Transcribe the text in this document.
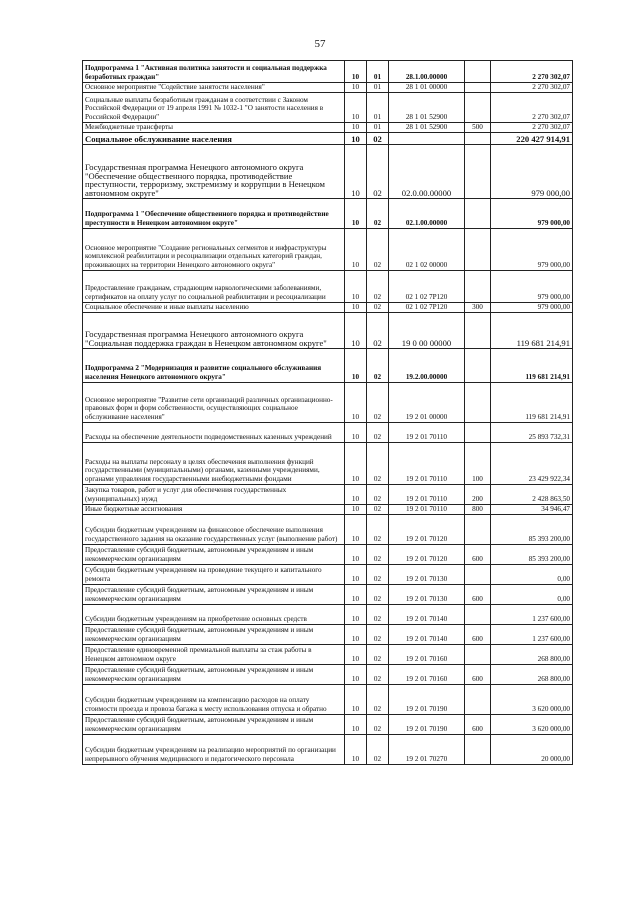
57
Подпрограмма 1 "Активная политика занятости и социальная поддержка безработных граждан"	10	01	28.1.00.00000		2 270 302,07
Основное мероприятие "Содействие занятости населения"	10	01	28 1 01 00000		2 270 302,07
Социальные выплаты безработным гражданам в соответствии с Законом Российской Федерации от 19 апреля 1991 № 1032-1 "О занятости населения в Российской Федерации"	10	01	28 1 01 52900		2 270 302,07
Межбюджетные трансферты	10	01	28 1 01 52900	500	2 270 302,07
Социальное обслуживание населения	10	02			220 427 914,91
Государственная программа Ненецкого автономного округа "Обеспечение общественного порядка, противодействие преступности, терроризму, экстремизму и коррупции в Ненецком автономном округе"	10	02	02.0.00.00000		979 000,00
Подпрограмма 1 "Обеспечение общественного порядка и противодействие преступности в Ненецком автономном округе"	10	02	02.1.00.00000		979 000,00
Основное мероприятие "Создание региональных сегментов и инфраструктуры комплексной реабилитации и ресоциализации отдельных категорий граждан, проживающих на территории Ненецкого автономного округа"	10	02	02 1 02 00000		979 000,00
Предоставление гражданам, страдающим наркологическими заболеваниями, сертификатов на оплату услуг по социальной реабилитации и ресоциализации	10	02	02 1 02 7Р120		979 000,00
Социальное обеспечение и иные выплаты населению	10	02	02 1 02 7Р120	300	979 000,00
Государственная программа Ненецкого автономного округа "Социальная поддержка граждан в Ненецком автономном округе"	10	02	19 0 00 00000		119 681 214,91
Подпрограмма 2 "Модернизация и развитие социального обслуживания населения Ненецкого автономного округа"	10	02	19.2.00.00000		119 681 214,91
Основное мероприятие "Развитие сети организаций различных организационно-правовых форм и форм собственности, осуществляющих социальное обслуживание населения"	10	02	19 2 01 00000		119 681 214,91
Расходы на обеспечение деятельности подведомственных казенных учреждений	10	02	19 2 01 70110		25 893 732,31
Расходы на выплаты персоналу в целях обеспечения выполнения функций государственными (муниципальными) органами, казенными учреждениями, органами управления государственными внебюджетными фондами	10	02	19 2 01 70110	100	23 429 922,34
Закупка товаров, работ и услуг для обеспечения государственных (муниципальных) нужд	10	02	19 2 01 70110	200	2 428 863,50
Иные бюджетные ассигнования	10	02	19 2 01 70110	800	34 946,47
Субсидии бюджетным учреждениям на финансовое обеспечение выполнения государственного задания на оказание государственных услуг (выполнение работ)	10	02	19 2 01 70120		85 393 200,00
Предоставление субсидий бюджетным, автономным учреждениям и иным некоммерческим организациям	10	02	19 2 01 70120	600	85 393 200,00
Субсидии бюджетным учреждениям на проведение текущего и капитального ремонта	10	02	19 2 01 70130		0,00
Предоставление субсидий бюджетным, автономным учреждениям и иным некоммерческим организациям	10	02	19 2 01 70130	600	0,00
Субсидии бюджетным учреждениям на приобретение основных средств	10	02	19 2 01 70140		1 237 600,00
Предоставление субсидий бюджетным, автономным учреждениям и иным некоммерческим организациям	10	02	19 2 01 70140	600	1 237 600,00
Предоставление единовременной премиальной выплаты за стаж работы в Ненецком автономном округе	10	02	19 2 01 70160		268 800,00
Предоставление субсидий бюджетным, автономным учреждениям и иным некоммерческим организациям	10	02	19 2 01 70160	600	268 800,00
Субсидии бюджетным учреждениям на компенсацию расходов на оплату стоимости проезда и провоза багажа к месту использования отпуска и обратно	10	02	19 2 01 70190		3 620 000,00
Предоставление субсидий бюджетным, автономным учреждениям и иным некоммерческим организациям	10	02	19 2 01 70190	600	3 620 000,00
Субсидии бюджетным учреждениям на реализацию мероприятий по организации непрерывного обучения медицинского и педагогического персонала	10	02	19 2 01 70270		20 000,00
